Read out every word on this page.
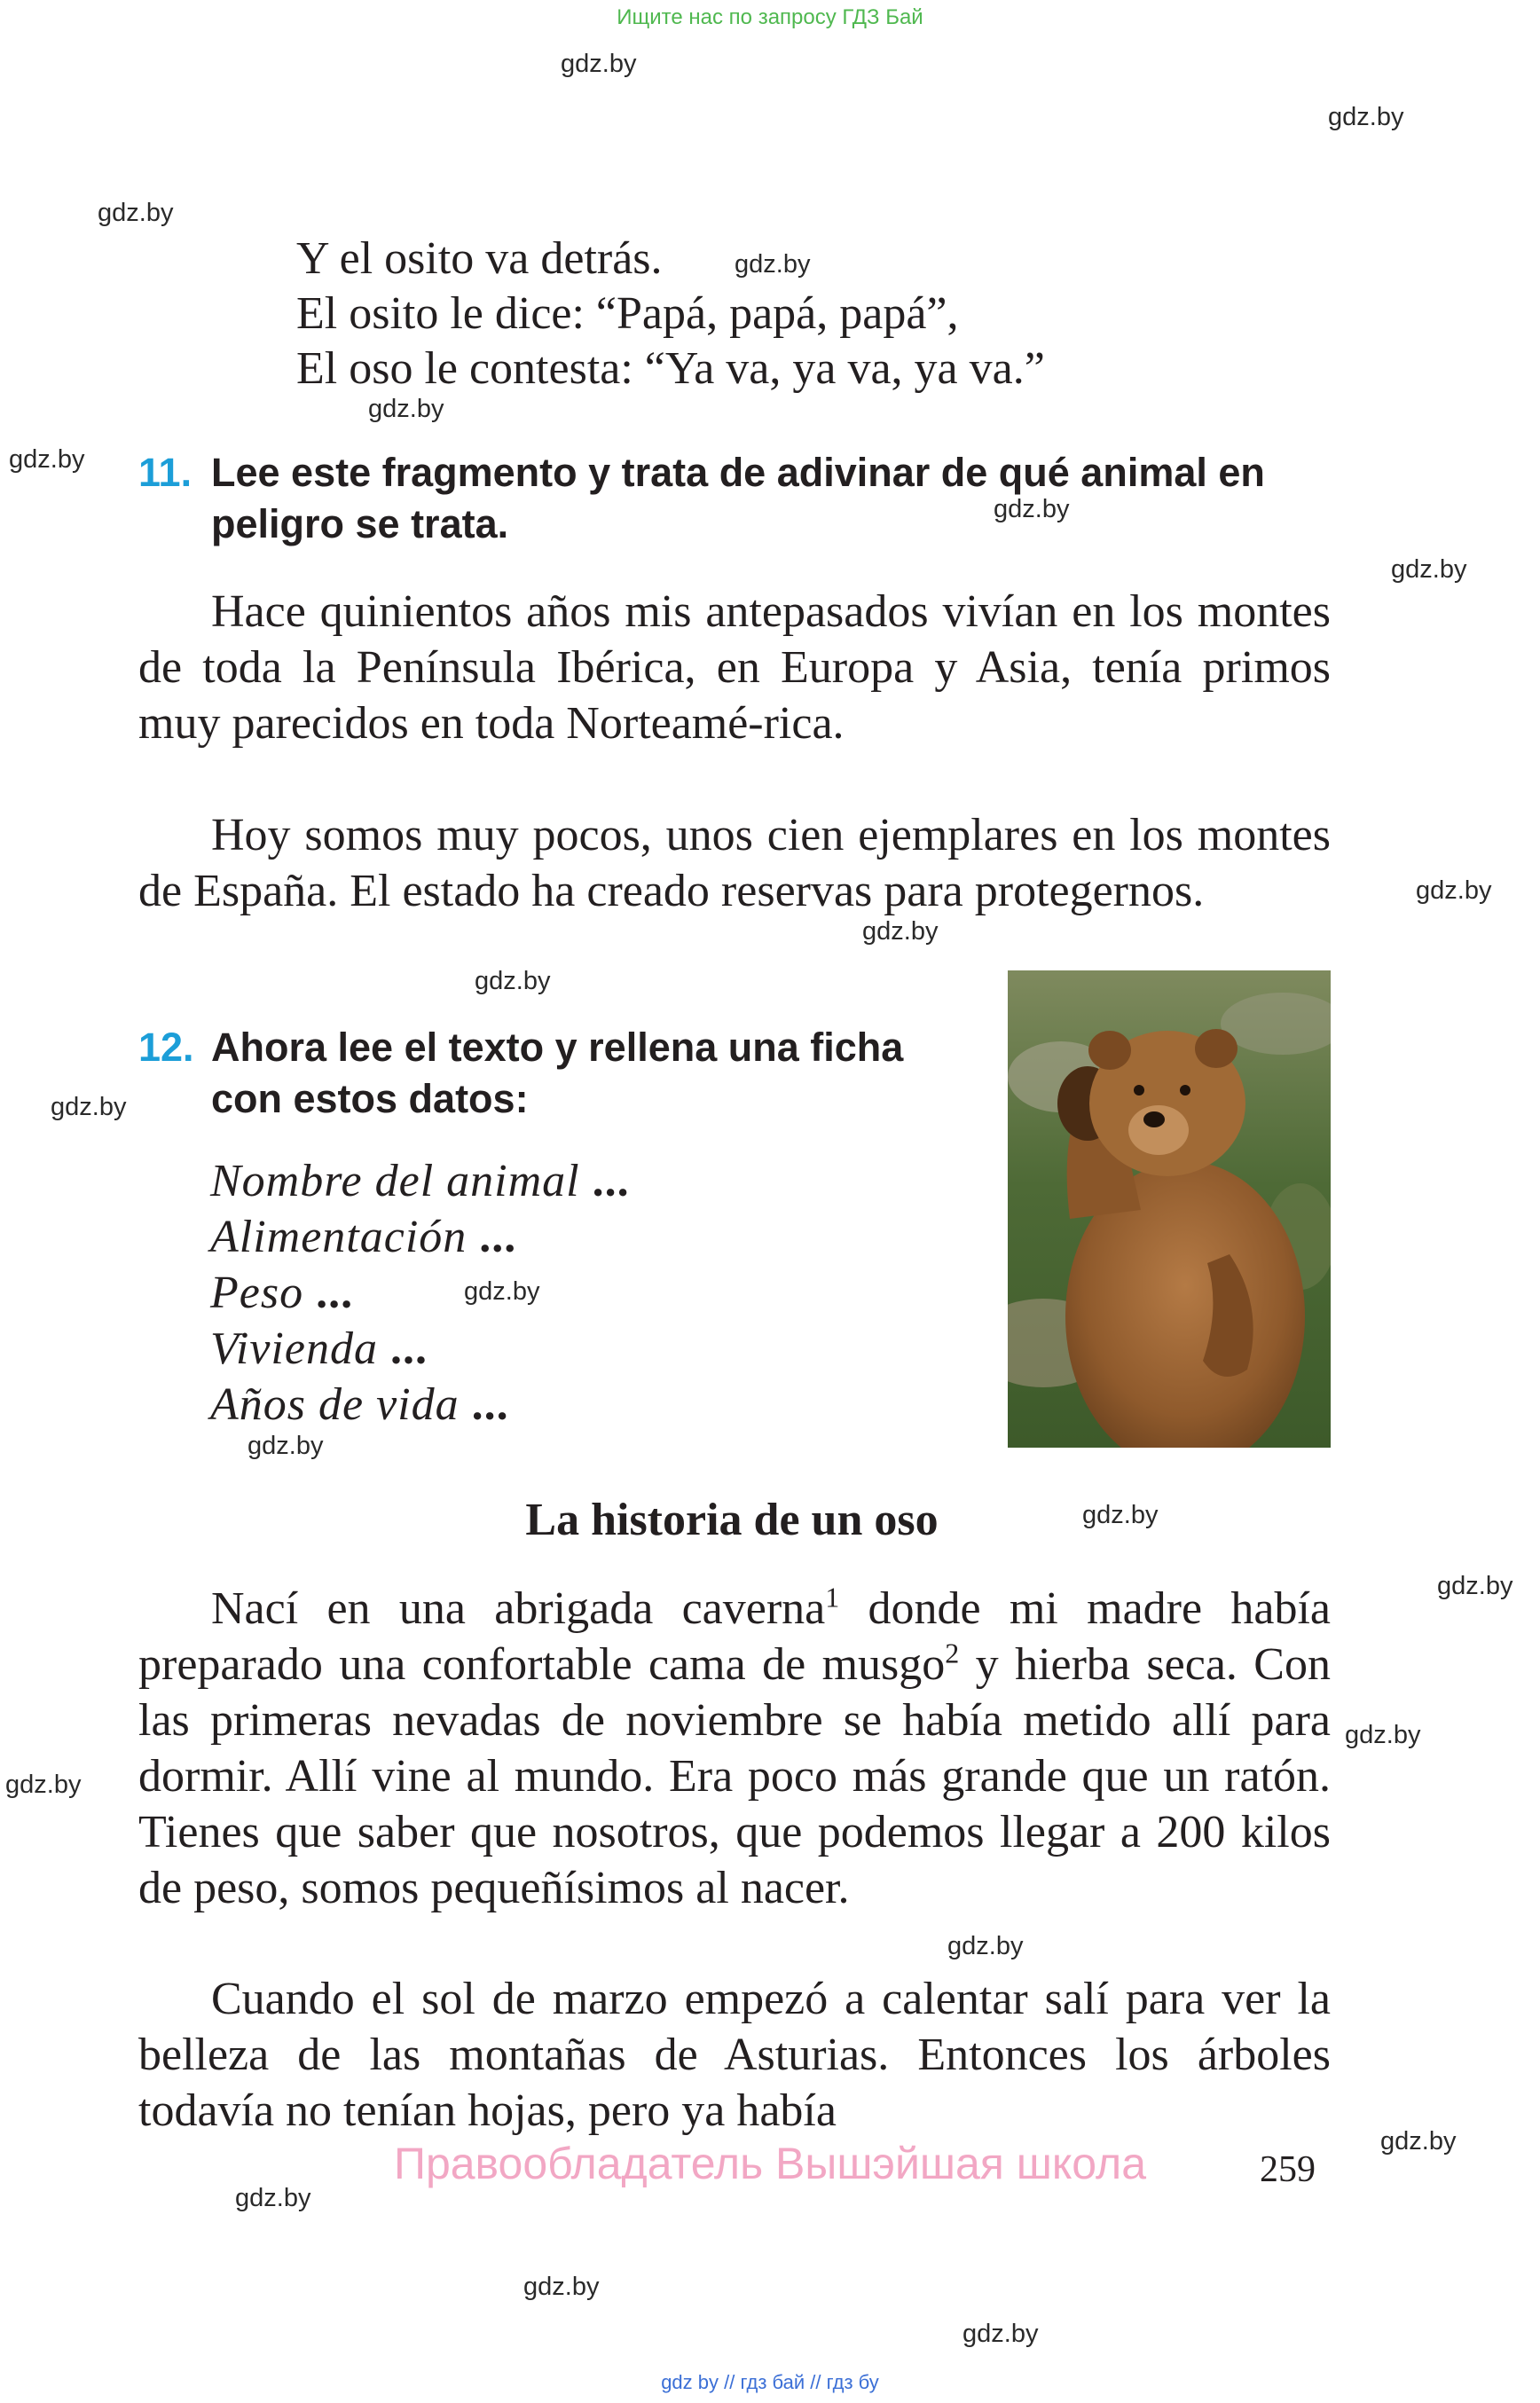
Ищите нас по запросу ГДЗ Бай
gdz.by
gdz.by
gdz.by
gdz.by
gdz.by
gdz.by
gdz.by
gdz.by
gdz.by
gdz.by
gdz.by
gdz.by
gdz.by
gdz.by
gdz.by
gdz.by
gdz.by
gdz.by
gdz.by
gdz.by
gdz.by
gdz.by
gdz.by
Y el osito va detrás.
El osito le dice: “Papá, papá, papá”,
El oso le contesta: “Ya va, ya va, ya va.”
11. Lee este fragmento y trata de adivinar de qué animal en peligro se trata.
Hace quinientos años mis antepasados vivían en los montes de toda la Península Ibérica, en Europa y Asia, tenía primos muy parecidos en toda Norteamé-rica.
Hoy somos muy pocos, unos cien ejemplares en los montes de España. El estado ha creado reservas para protegernos.
12. Ahora lee el texto y rellena una ficha
con estos datos:
Nombre del animal ...
Alimentación ...
Peso ...
Vivienda ...
Años de vida ...
La historia de un oso
Nací en una abrigada caverna$^1$ donde mi madre había preparado una confortable cama de musgo$^2$ y hierba seca. Con las primeras nevadas de noviembre se había metido allí para dormir. Allí vine al mundo. Era poco más grande que un ratón. Tienes que saber que nosotros, que podemos llegar a 200 kilos de peso, somos pequeñísimos al nacer.
Cuando el sol de marzo empezó a calentar salí para ver la belleza de las montañas de Asturias. Entonces los árboles todavía no tenían hojas, pero ya había
Правообладатель Вышэйшая школа	259
gdz by // гдз бай // гдз бу
